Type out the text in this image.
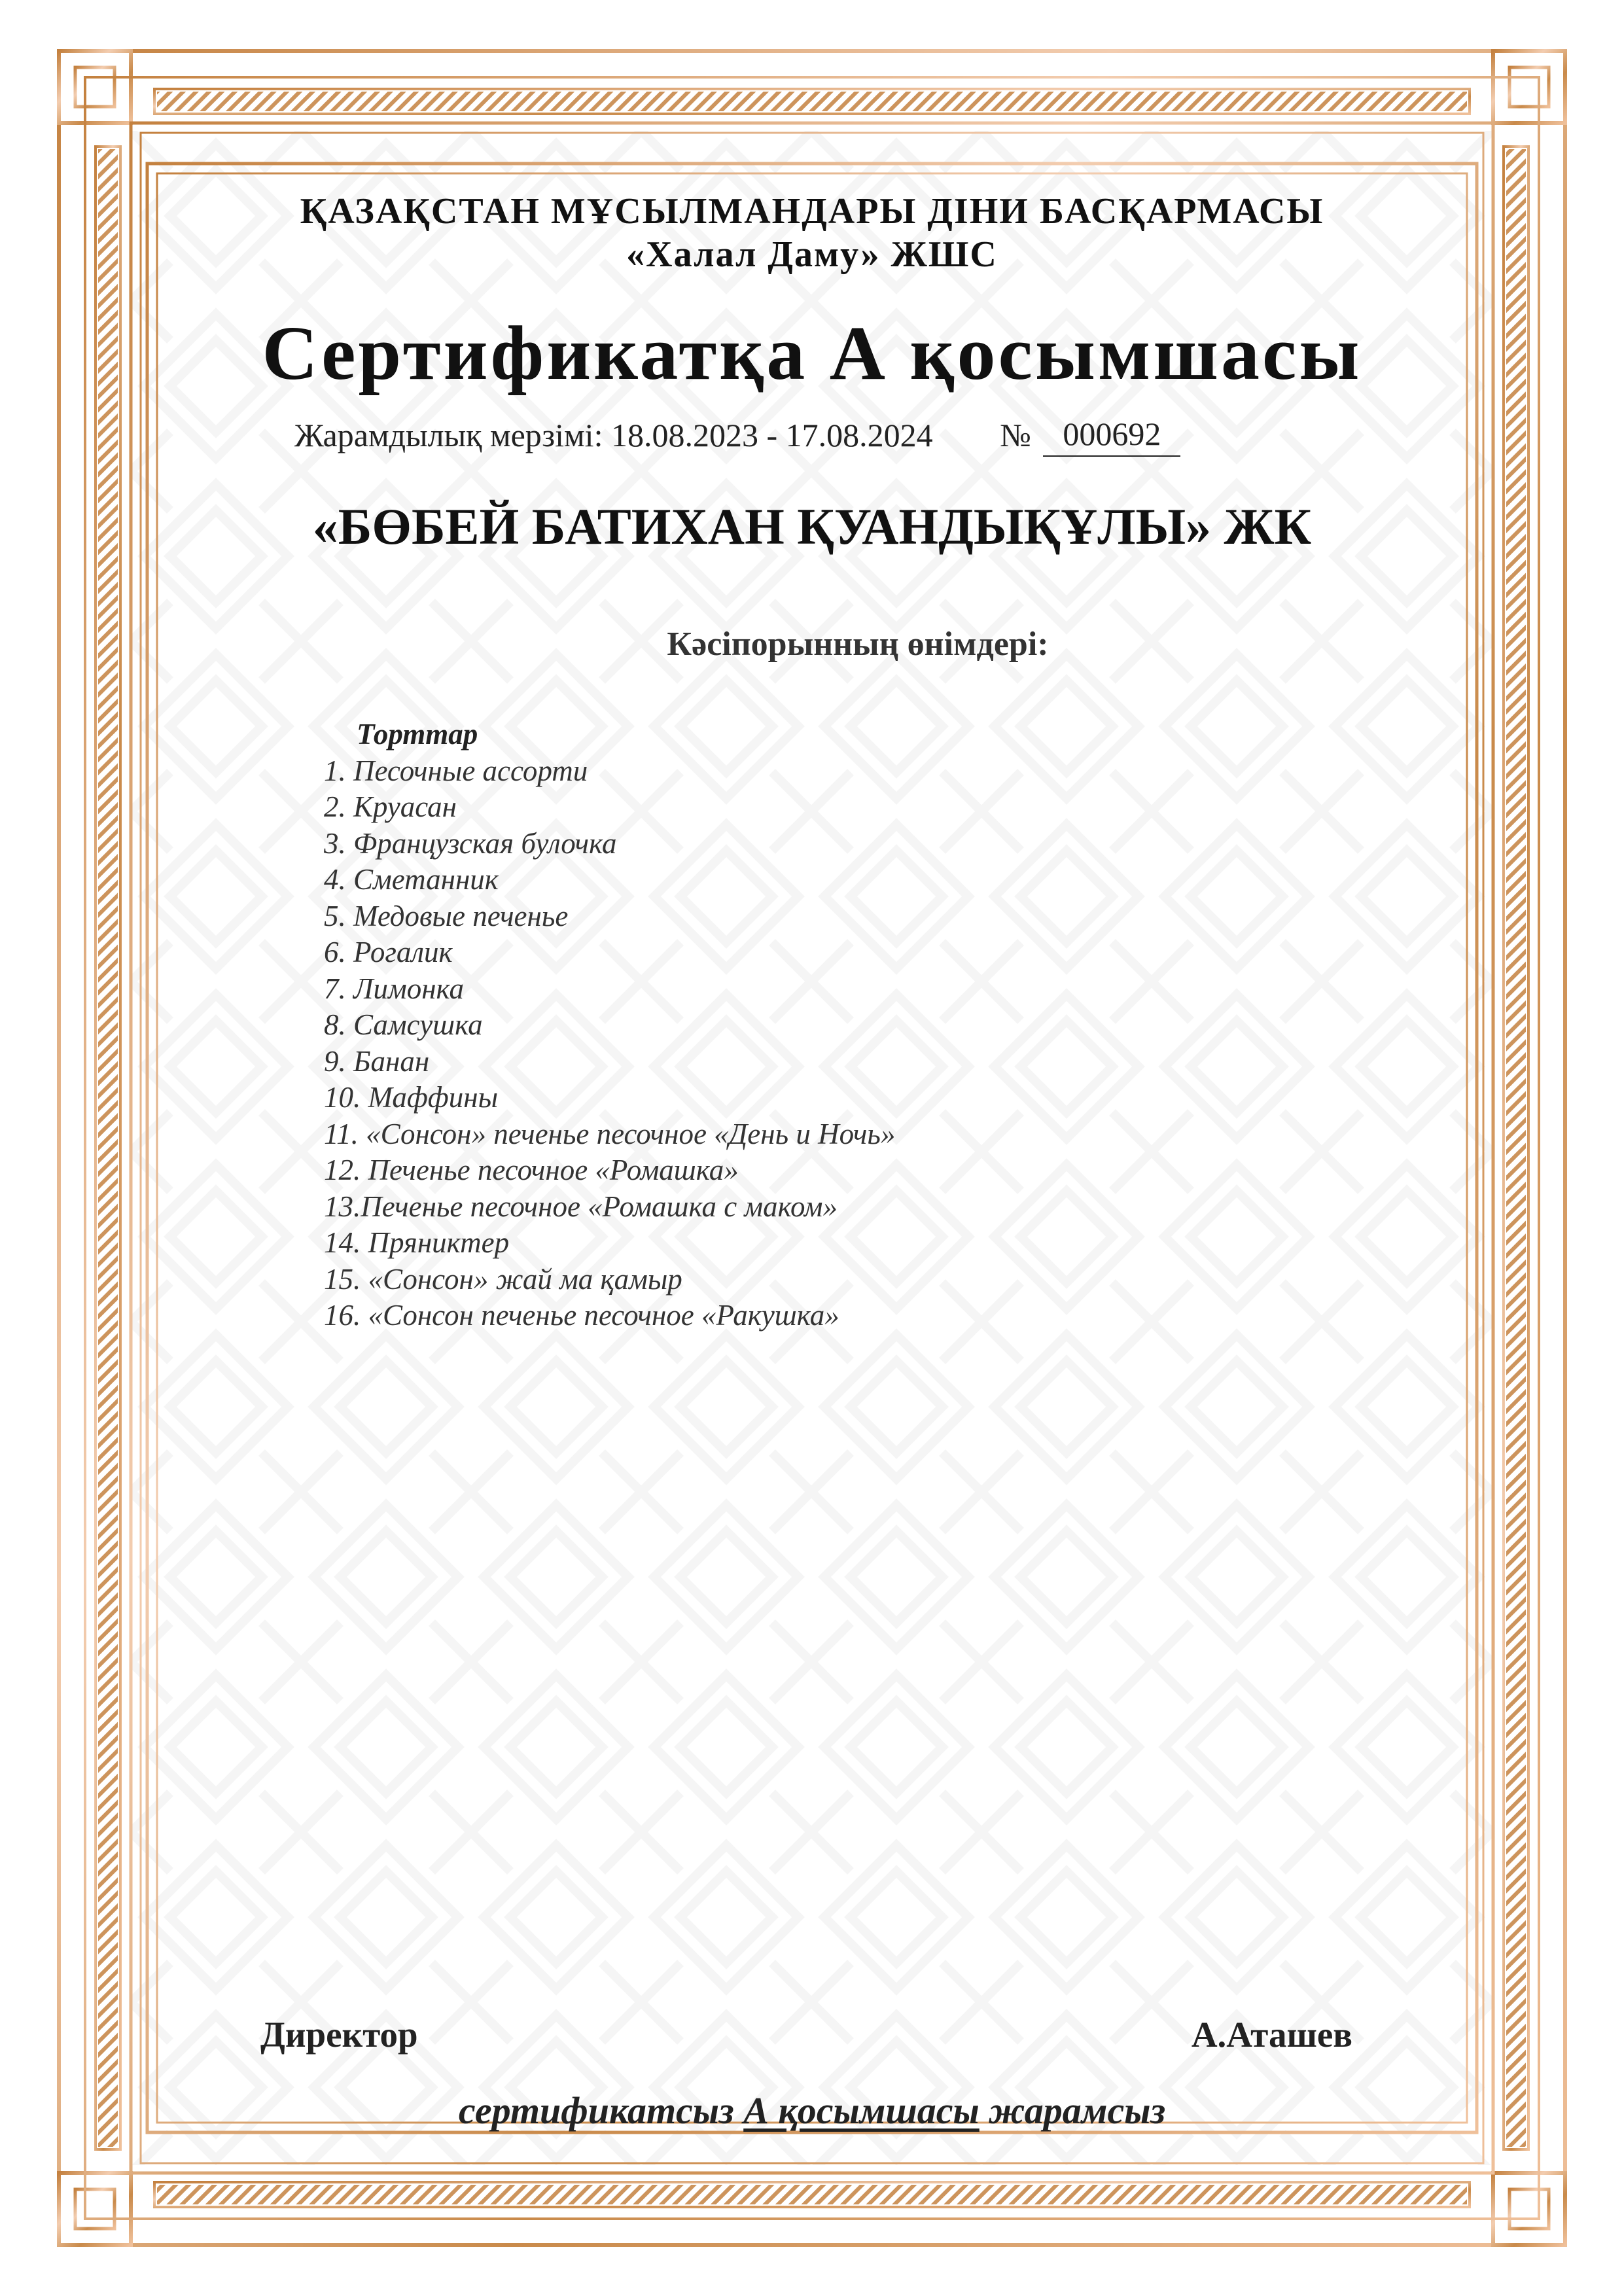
ҚАЗАҚСТАН МҰСЫЛМАНДАРЫ ДІНИ БАСҚАРМАСЫ
«Халал Даму» ЖШС
Сертификатқа А қосымшасы
Жарамдылық мерзімі: 18.08.2023 - 17.08.2024 № 000692
«БӨБЕЙ БАТИХАН ҚУАНДЫҚҰЛЫ» ЖК
Кәсіпорынның өнімдері:
Торттар
1. Песочные ассорти
2. Круасан
3. Французская булочка
4. Сметанник
5. Медовые печенье
6. Рогалик
7. Лимонка
8. Самсушка
9. Банан
10. Маффины
11. «Сонсон» печенье песочное «День и Ночь»
12. Печенье песочное «Ромашка»
13.Печенье песочное «Ромашка с маком»
14. Пряниктер
15. «Сонсон» жай ма қамыр
16. «Сонсон печенье песочное «Ракушка»
Директор	А.Аташев
сертификатсыз А қосымшасы жарамсыз
